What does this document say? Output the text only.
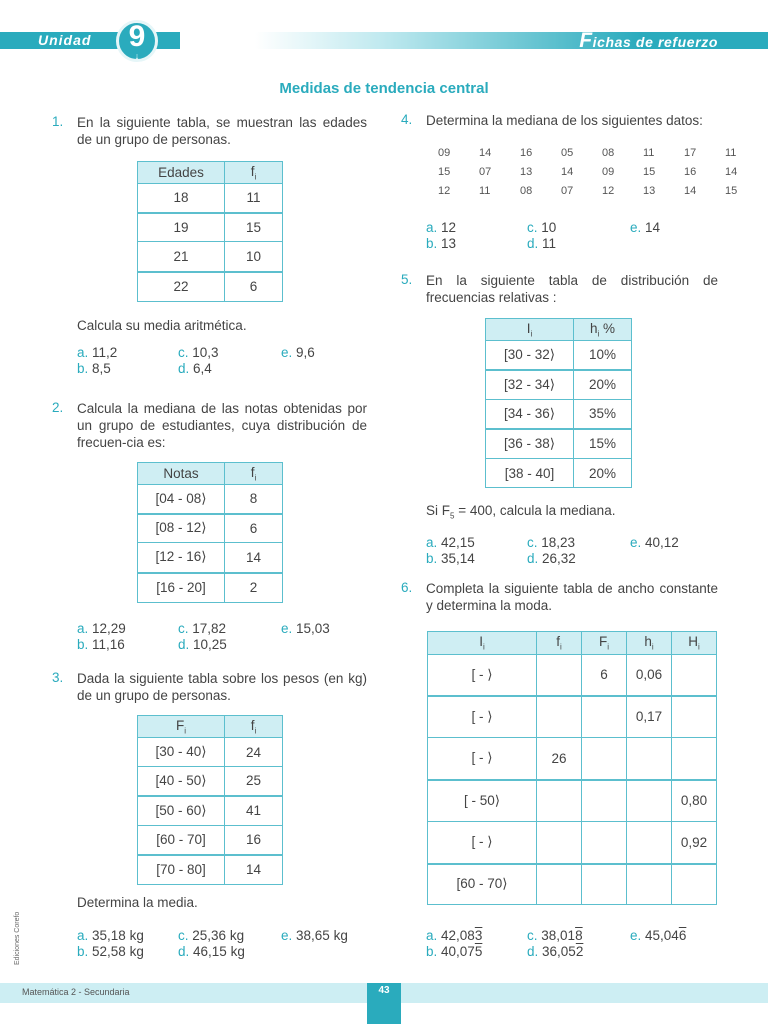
Unidad 9
↓
Fichas de refuerzo
Medidas de tendencia central
1. En la siguiente tabla, se muestran las edades de un grupo de personas.
Edades	$f_i$
18	11
19	15
21	10
22	6
Calcula su media aritmética.
a. 11,2
b. 8,5
c. 10,3
d. 6,4
e. 9,6
2. Calcula la mediana de las notas obtenidas por un grupo de estudiantes, cuya distribución de frecuen-cia es:
Notas	$f_i$
[04 - 08⟩	8
[08 - 12⟩	6
[12 - 16⟩	14
[16 - 20]	2
a. 12,29
b. 11,16
c. 17,82
d. 10,25
e. 15,03
3. Dada la siguiente tabla sobre los pesos (en kg) de un grupo de personas.
$F_i$	$f_i$
[30 - 40⟩	24
[40 - 50⟩	25
[50 - 60⟩	41
[60 - 70]	16
[70 - 80]	14
Determina la media.
a. 35,18 kg
b. 52,58 kg
c. 25,36 kg
d. 46,15 kg
e. 38,65 kg
4. Determina la mediana de los siguientes datos:
09	14	16	05	08	11	17	11
15	07	13	14	09	15	16	14
12	11	08	07	12	13	14	15
a. 12
b. 13
c. 10
d. 11
e. 14
5. En la siguiente tabla de distribución de frecuencias relativas :
$I_i$	$h_i$ %
[30 - 32⟩	10%
[32 - 34⟩	20%
[34 - 36⟩	35%
[36 - 38⟩	15%
[38 - 40]	20%
Si $F_5 = 400$, calcula la mediana.
a. 42,15
b. 35,14
c. 18,23
d. 26,32
e. 40,12
6. Completa la siguiente tabla de ancho constante y determina la moda.
$I_i$	$f_i$	$F_i$	$h_i$	$H_i$
[ - ⟩		6	0,06	
[ - ⟩			0,17	
[ - ⟩	26			
[ - 50⟩				0,80
[ - ⟩				0,92
[60 - 70⟩				
a. 42,083
b. 40,075
c. 38,018
d. 36,052
e. 45,046
Ediciones Corefo
Matemática 2 - Secundaria	43
